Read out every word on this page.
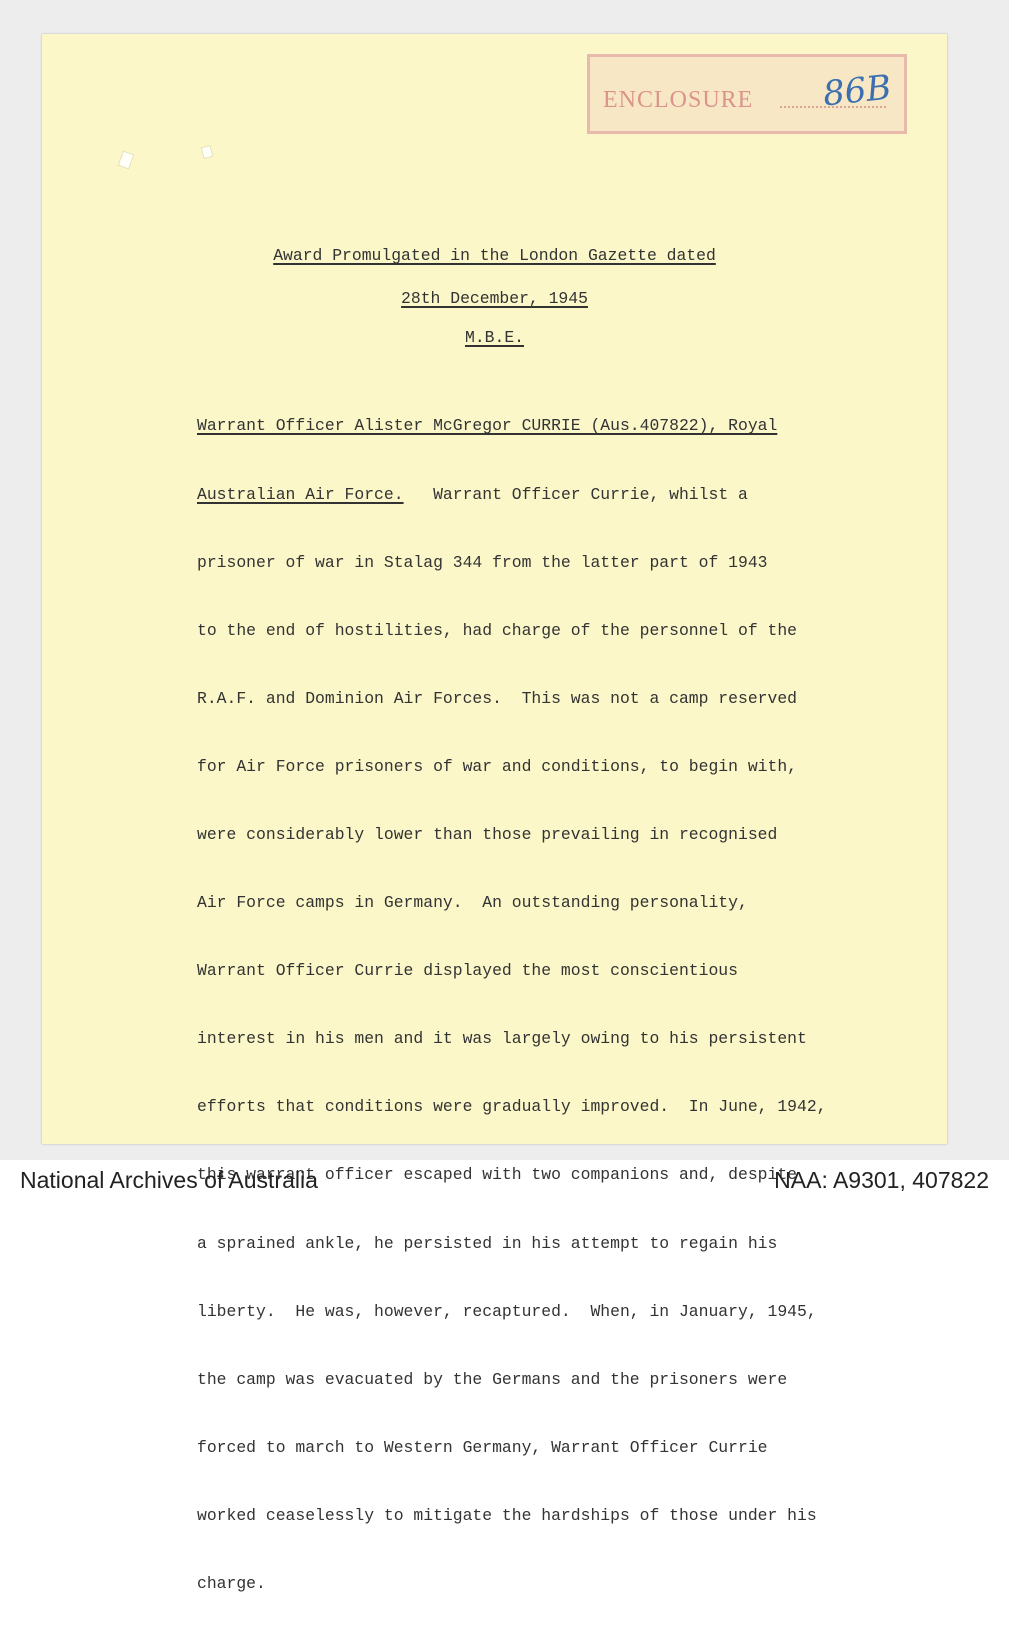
ENCLOSURE 86B
Award Promulgated in the London Gazette dated
28th December, 1945
M.B.E.

Warrant Officer Alister McGregor CURRIE (Aus.407822), Royal

Australian Air Force.   Warrant Officer Currie, whilst a

prisoner of war in Stalag 344 from the latter part of 1943

to the end of hostilities, had charge of the personnel of the

R.A.F. and Dominion Air Forces.  This was not a camp reserved

for Air Force prisoners of war and conditions, to begin with,

were considerably lower than those prevailing in recognised

Air Force camps in Germany.  An outstanding personality,

Warrant Officer Currie displayed the most conscientious

interest in his men and it was largely owing to his persistent

efforts that conditions were gradually improved.  In June, 1942,

this warrant officer escaped with two companions and, despite

a sprained ankle, he persisted in his attempt to regain his

liberty.  He was, however, recaptured.  When, in January, 1945,

the camp was evacuated by the Germans and the prisoners were

forced to march to Western Germany, Warrant Officer Currie

worked ceaselessly to mitigate the hardships of those under his

charge.

National Archives of Australia	NAA: A9301, 407822
